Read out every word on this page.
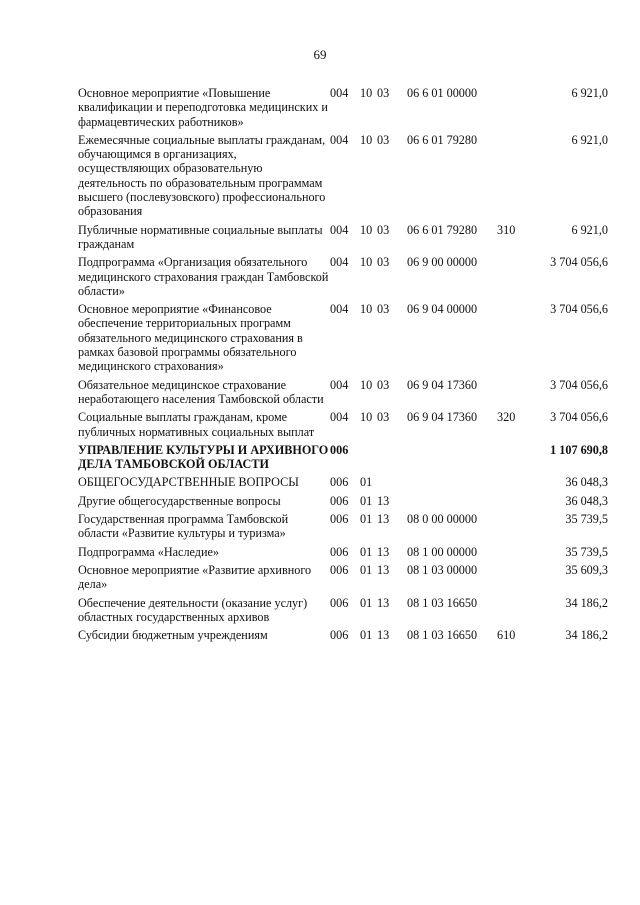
69
Основное мероприятие «Повышение квалификации и переподготовка медицинских и фармацевтических работников»	004	10	03	06 6 01 00000		6 921,0
Ежемесячные социальные выплаты гражданам, обучающимся в организациях, осуществляющих образовательную деятельность по образовательным программам высшего (послевузовского) профессионального образования	004	10	03	06 6 01 79280		6 921,0
Публичные нормативные социальные выплаты гражданам	004	10	03	06 6 01 79280	310	6 921,0
Подпрограмма «Организация обязательного медицинского страхования граждан Тамбовской области»	004	10	03	06 9 00 00000		3 704 056,6
Основное мероприятие «Финансовое обеспечение территориальных программ обязательного медицинского страхования в рамках базовой программы обязательного медицинского страхования»	004	10	03	06 9 04 00000		3 704 056,6
Обязательное медицинское страхование неработающего населения Тамбовской области	004	10	03	06 9 04 17360		3 704 056,6
Социальные выплаты гражданам, кроме публичных нормативных социальных выплат	004	10	03	06 9 04 17360	320	3 704 056,6
УПРАВЛЕНИЕ КУЛЬТУРЫ И АРХИВНОГО ДЕЛА ТАМБОВСКОЙ ОБЛАСТИ	006					1 107 690,8
ОБЩЕГОСУДАРСТВЕННЫЕ ВОПРОСЫ	006	01				36 048,3
Другие общегосударственные вопросы	006	01	13			36 048,3
Государственная программа Тамбовской области «Развитие культуры и туризма»	006	01	13	08 0 00 00000		35 739,5
Подпрограмма «Наследие»	006	01	13	08 1 00 00000		35 739,5
Основное мероприятие «Развитие архивного дела»	006	01	13	08 1 03 00000		35 609,3
Обеспечение деятельности (оказание услуг) областных государственных архивов	006	01	13	08 1 03 16650		34 186,2
Субсидии бюджетным учреждениям	006	01	13	08 1 03 16650	610	34 186,2
